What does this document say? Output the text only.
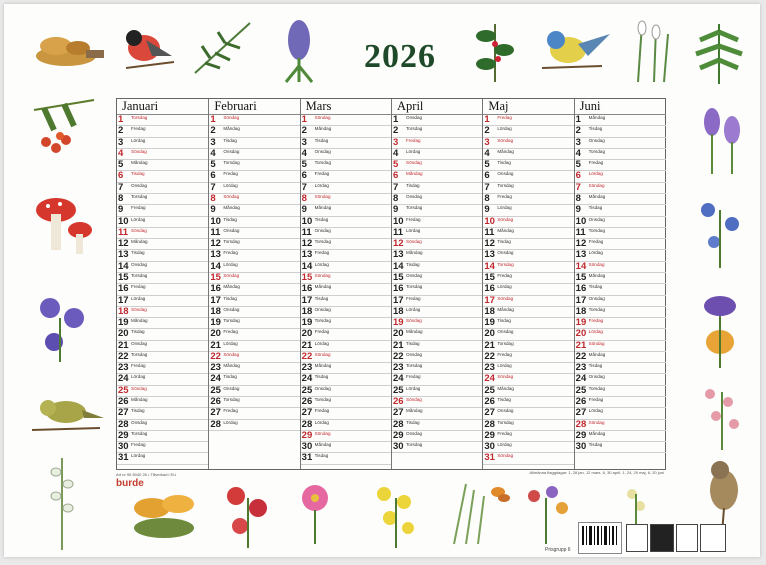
2026
Januari
1 Torsdag
2 Fredag
3 Lördag
4 Söndag
5 Måndag
6 Tisdag
7 Onsdag
8 Torsdag
9 Fredag
10 Lördag
11 Söndag
12 Måndag
13 Tisdag
14 Onsdag
15 Torsdag
16 Fredag
17 Lördag
18 Söndag
19 Måndag
20 Tisdag
21 Onsdag
22 Torsdag
23 Fredag
24 Lördag
25 Söndag
26 Måndag
27 Tisdag
28 Onsdag
29 Torsdag
30 Fredag
31 Lördag
Februari
1 Söndag
2 Måndag
3 Tisdag
4 Onsdag
5 Torsdag
6 Fredag
7 Lördag
8 Söndag
9 Måndag
10 Tisdag
11 Onsdag
12 Torsdag
13 Fredag
14 Lördag
15 Söndag
16 Måndag
17 Tisdag
18 Onsdag
19 Torsdag
20 Fredag
21 Lördag
22 Söndag
23 Måndag
24 Tisdag
25 Onsdag
26 Torsdag
27 Fredag
28 Lördag
Mars
1 Söndag
2 Måndag
3 Tisdag
4 Onsdag
5 Torsdag
6 Fredag
7 Lördag
8 Söndag
9 Måndag
10 Tisdag
11 Onsdag
12 Torsdag
13 Fredag
14 Lördag
15 Söndag
16 Måndag
17 Tisdag
18 Onsdag
19 Torsdag
20 Fredag
21 Lördag
22 Söndag
23 Måndag
24 Tisdag
25 Onsdag
26 Torsdag
27 Fredag
28 Lördag
29 Söndag
30 Måndag
31 Tisdag
April
1 Onsdag
2 Torsdag
3 Fredag
4 Lördag
5 Söndag
6 Måndag
7 Tisdag
8 Onsdag
9 Torsdag
10 Fredag
11 Lördag
12 Söndag
13 Måndag
14 Tisdag
15 Onsdag
16 Torsdag
17 Fredag
18 Lördag
19 Söndag
20 Måndag
21 Tisdag
22 Onsdag
23 Torsdag
24 Fredag
25 Lördag
26 Söndag
27 Måndag
28 Tisdag
29 Onsdag
30 Torsdag
Maj
1 Fredag
2 Lördag
3 Söndag
4 Måndag
5 Tisdag
6 Onsdag
7 Torsdag
8 Fredag
9 Lördag
10 Söndag
11 Måndag
12 Tisdag
13 Onsdag
14 Torsdag
15 Fredag
16 Lördag
17 Söndag
18 Måndag
19 Tisdag
20 Onsdag
21 Torsdag
22 Fredag
23 Lördag
24 Söndag
25 Måndag
26 Tisdag
27 Onsdag
28 Torsdag
29 Fredag
30 Lördag
31 Söndag
Juni
1 Måndag
2 Tisdag
3 Onsdag
4 Torsdag
5 Fredag
6 Lördag
7 Söndag
8 Måndag
9 Tisdag
10 Onsdag
11 Torsdag
12 Fredag
13 Lördag
14 Söndag
15 Måndag
16 Tisdag
17 Onsdag
18 Torsdag
19 Fredag
20 Lördag
21 Söndag
22 Måndag
23 Tisdag
24 Onsdag
25 Torsdag
26 Fredag
27 Lördag
28 Söndag
29 Måndag
30 Tisdag
Art nr 95 5040 26 • Tillverkad i EU	Allmänna flaggdagar: 1, 28 jan, 12 mars, 6, 30 april, 1, 24, 29 maj, 6, 20 juni
burde
Prisgrupp 6
